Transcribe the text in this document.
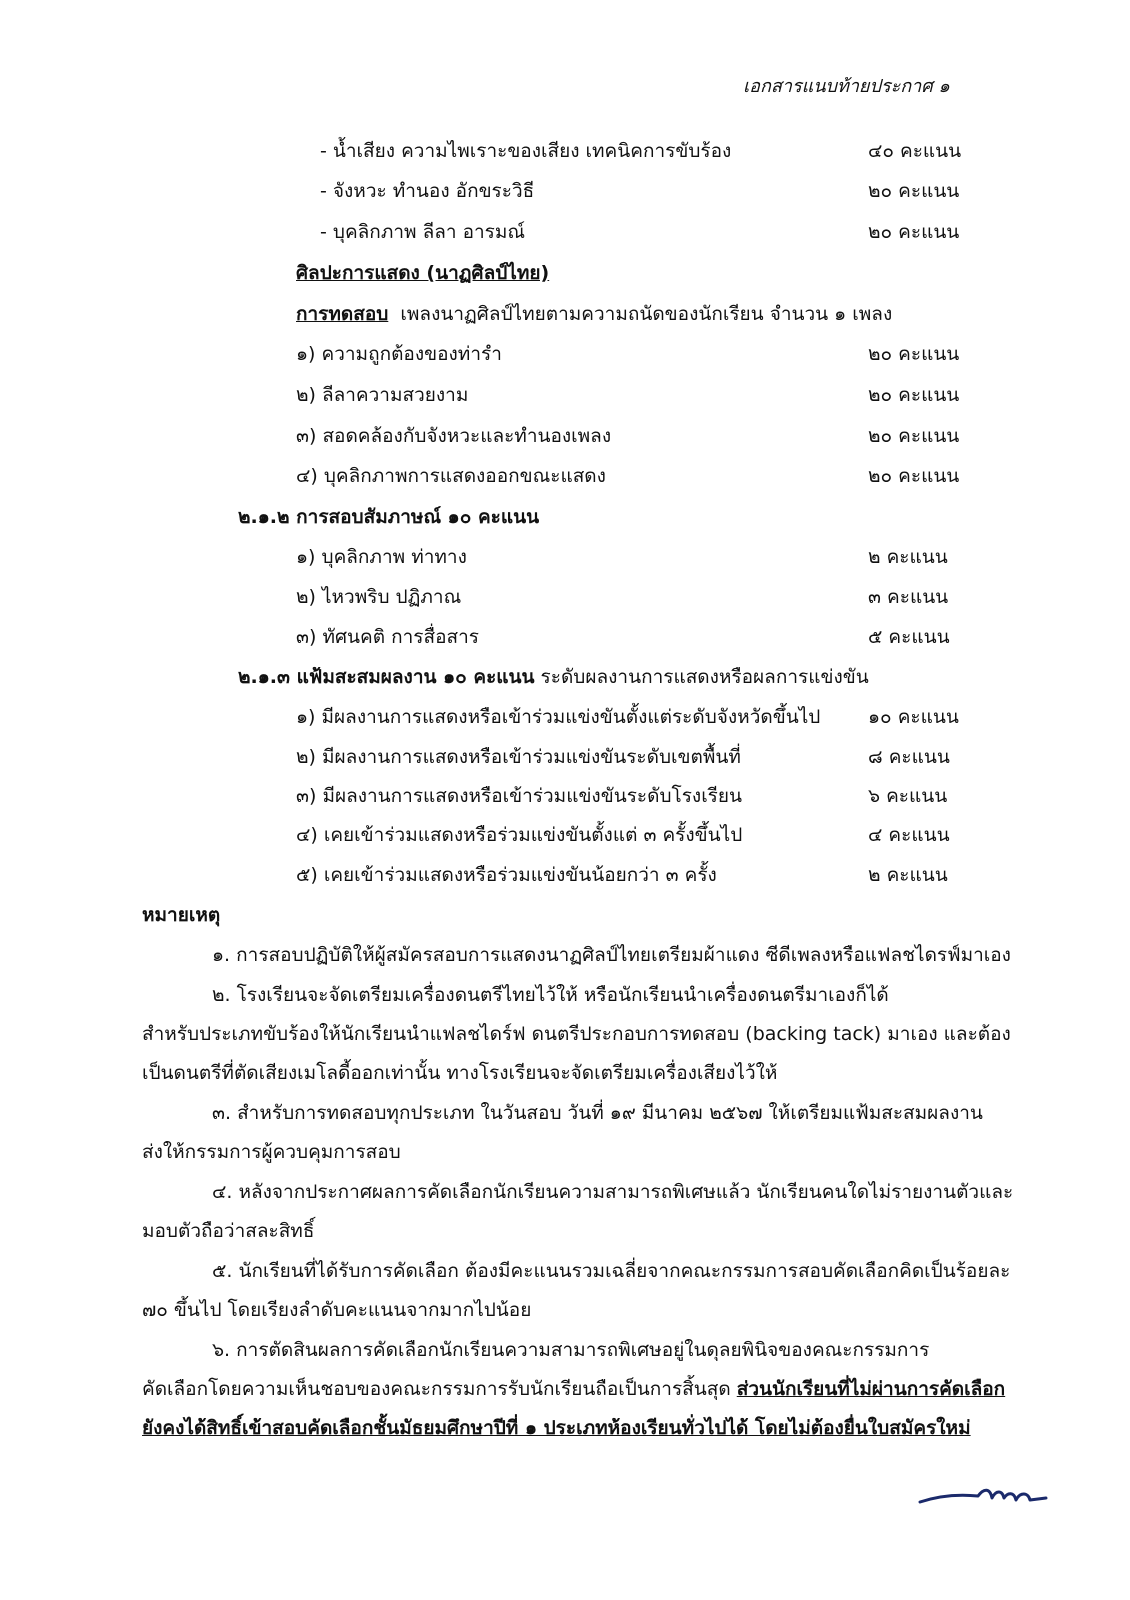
เอกสารแนบท้ายประกาศ ๑
- น้ำเสียง ความไพเราะของเสียง เทคนิคการขับร้อง	๔๐ คะแนน
- จังหวะ ทำนอง อักขระวิธี	๒๐ คะแนน
- บุคลิกภาพ ลีลา อารมณ์	๒๐ คะแนน
ศิลปะการแสดง (นาฏศิลป์ไทย)
การทดสอบ เพลงนาฏศิลป์ไทยตามความถนัดของนักเรียน จำนวน ๑ เพลง
๑) ความถูกต้องของท่ารำ	๒๐ คะแนน
๒) ลีลาความสวยงาม	๒๐ คะแนน
๓) สอดคล้องกับจังหวะและทำนองเพลง	๒๐ คะแนน
๔) บุคลิกภาพการแสดงออกขณะแสดง	๒๐ คะแนน
๒.๑.๒ การสอบสัมภาษณ์ ๑๐ คะแนน
๑) บุคลิกภาพ ท่าทาง	๒ คะแนน
๒) ไหวพริบ ปฏิภาณ	๓ คะแนน
๓) ทัศนคติ การสื่อสาร	๕ คะแนน
๒.๑.๓ แฟ้มสะสมผลงาน ๑๐ คะแนน ระดับผลงานการแสดงหรือผลการแข่งขัน
๑) มีผลงานการแสดงหรือเข้าร่วมแข่งขันตั้งแต่ระดับจังหวัดขึ้นไป	๑๐ คะแนน
๒) มีผลงานการแสดงหรือเข้าร่วมแข่งขันระดับเขตพื้นที่	๘ คะแนน
๓) มีผลงานการแสดงหรือเข้าร่วมแข่งขันระดับโรงเรียน	๖ คะแนน
๔) เคยเข้าร่วมแสดงหรือร่วมแข่งขันตั้งแต่ ๓ ครั้งขึ้นไป	๔ คะแนน
๕) เคยเข้าร่วมแสดงหรือร่วมแข่งขันน้อยกว่า ๓ ครั้ง	๒ คะแนน
หมายเหตุ
๑. การสอบปฏิบัติให้ผู้สมัครสอบการแสดงนาฏศิลป์ไทยเตรียมผ้าแดง ซีดีเพลงหรือแฟลชไดรฟ์มาเอง
๒. โรงเรียนจะจัดเตรียมเครื่องดนตรีไทยไว้ให้ หรือนักเรียนนำเครื่องดนตรีมาเองก็ได้
สำหรับประเภทขับร้องให้นักเรียนนำแฟลชไดร์ฟ ดนตรีประกอบการทดสอบ (backing tack) มาเอง และต้อง
เป็นดนตรีที่ตัดเสียงเมโลดี้ออกเท่านั้น ทางโรงเรียนจะจัดเตรียมเครื่องเสียงไว้ให้
๓. สำหรับการทดสอบทุกประเภท ในวันสอบ วันที่ ๑๙ มีนาคม ๒๕๖๗ ให้เตรียมแฟ้มสะสมผลงาน
ส่งให้กรรมการผู้ควบคุมการสอบ
๔. หลังจากประกาศผลการคัดเลือกนักเรียนความสามารถพิเศษแล้ว นักเรียนคนใดไม่รายงานตัวและ
มอบตัวถือว่าสละสิทธิ์
๕. นักเรียนที่ได้รับการคัดเลือก ต้องมีคะแนนรวมเฉลี่ยจากคณะกรรมการสอบคัดเลือกคิดเป็นร้อยละ
๗๐ ขึ้นไป โดยเรียงลำดับคะแนนจากมากไปน้อย
๖. การตัดสินผลการคัดเลือกนักเรียนความสามารถพิเศษอยู่ในดุลยพินิจของคณะกรรมการ
คัดเลือกโดยความเห็นชอบของคณะกรรมการรับนักเรียนถือเป็นการสิ้นสุด ส่วนนักเรียนที่ไม่ผ่านการคัดเลือก
ยังคงได้สิทธิ์เข้าสอบคัดเลือกชั้นมัธยมศึกษาปีที่ ๑ ประเภทห้องเรียนทั่วไปได้ โดยไม่ต้องยื่นใบสมัครใหม่
